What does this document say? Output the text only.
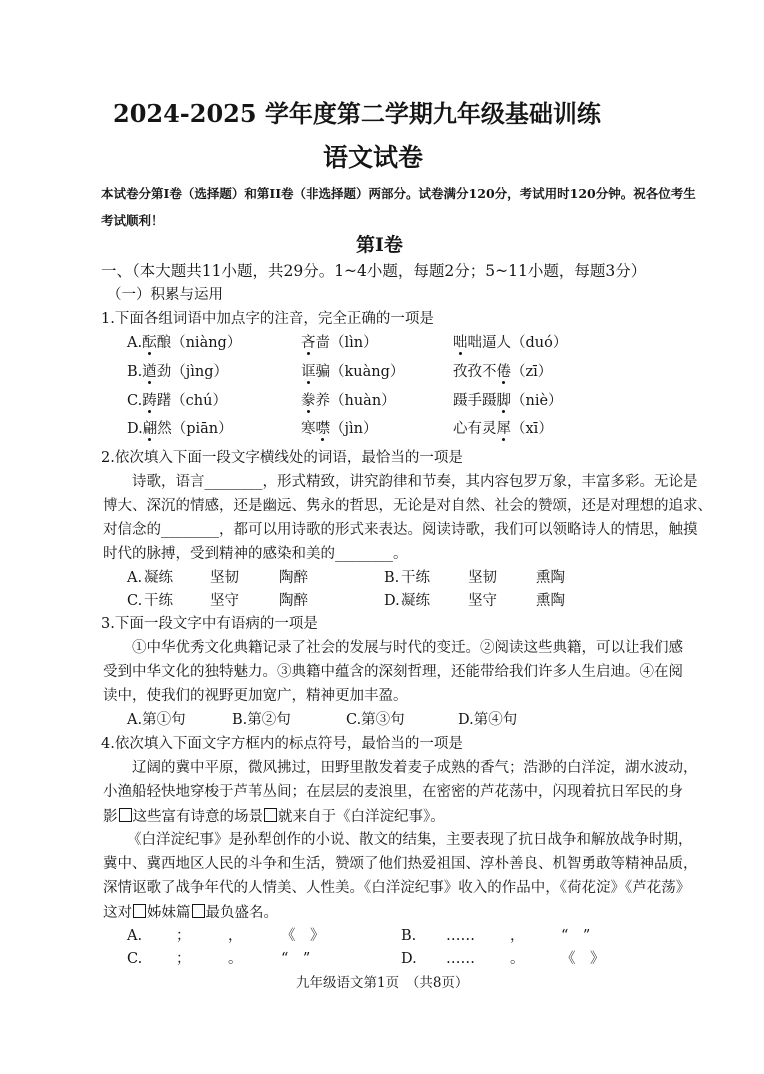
2024-2025 学年度第二学期九年级基础训练
语文试卷
本试卷分第I卷（选择题）和第II卷（非选择题）两部分。试卷满分120分，考试用时120分钟。祝各位考生
考试顺利！
第I卷
一、（本大题共11小题，共29分。1~4小题，每题2分；5~11小题，每题3分）
（一）积累与运用
1.下面各组词语中加点字的注音，完全正确的一项是
A.酝酿（niàng）	吝啬（lìn）	咄咄逼人（duó）
B.遒劲（jìng）	诓骗（kuàng）	孜孜不倦（zī）
C.踌躇（chú）	豢养（huàn）	蹑手蹑脚（niè）
D.翩然（piān）	寒噤（jìn）	心有灵犀（xī）
2.依次填入下面一段文字横线处的词语，最恰当的一项是
诗歌，语言________，形式精致，讲究韵律和节奏，其内容包罗万象，丰富多彩。无论是
博大、深沉的情感，还是幽远、隽永的哲思，无论是对自然、社会的赞颂，还是对理想的追求、
对信念的________，都可以用诗歌的形式来表达。阅读诗歌，我们可以领略诗人的情思，触摸
时代的脉搏，受到精神的感染和美的________。
A. 凝练	坚韧	陶醉	B. 干练	坚韧	熏陶
C. 干练	坚守	陶醉	D. 凝练	坚守	熏陶
3.下面一段文字中有语病的一项是
①中华优秀文化典籍记录了社会的发展与时代的变迁。②阅读这些典籍，可以让我们感
受到中华文化的独特魅力。③典籍中蕴含的深刻哲理，还能带给我们许多人生启迪。④在阅
读中，使我们的视野更加宽广，精神更加丰盈。
A.第①句	B.第②句	C.第③句	D.第④句
4.依次填入下面文字方框内的标点符号，最恰当的一项是
辽阔的冀中平原，微风拂过，田野里散发着麦子成熟的香气；浩渺的白洋淀，湖水波动，
小渔船轻快地穿梭于芦苇丛间；在层层的麦浪里，在密密的芦花荡中，闪现着抗日军民的身
影 这些富有诗意的场景 就来自于《白洋淀纪事》。
《白洋淀纪事》是孙犁创作的小说、散文的结集，主要表现了抗日战争和解放战争时期，
冀中、冀西地区人民的斗争和生活，赞颂了他们热爱祖国、淳朴善良、机智勇敢等精神品质，
深情讴歌了战争年代的人情美、人性美。《白洋淀纪事》收入的作品中，《荷花淀》《芦花荡》
这对 姊妹篇 最负盛名。
A. ；	，	《　》	B. …… ，	“　”
C. ；	。	“　”	D. …… 。	《　》
九年级语文第1页　（共8页）
